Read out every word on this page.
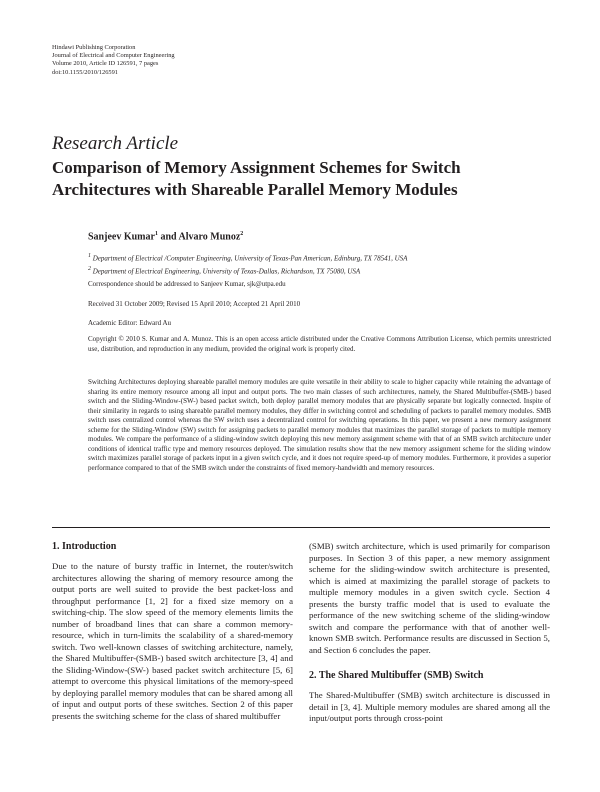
Hindawi Publishing Corporation
Journal of Electrical and Computer Engineering
Volume 2010, Article ID 126591, 7 pages
doi:10.1155/2010/126591
Research Article
Comparison of Memory Assignment Schemes for Switch Architectures with Shareable Parallel Memory Modules
Sanjeev Kumar$^1$ and Alvaro Munoz$^2$
$^1$ Department of Electrical /Computer Engineering, University of Texas-Pan American, Edinburg, TX 78541, USA
$^2$ Department of Electrical Engineering, University of Texas-Dallas, Richardson, TX 75080, USA
Correspondence should be addressed to Sanjeev Kumar, sjk@utpa.edu
Received 31 October 2009; Revised 15 April 2010; Accepted 21 April 2010
Academic Editor: Edward Au
Copyright © 2010 S. Kumar and A. Munoz. This is an open access article distributed under the Creative Commons Attribution License, which permits unrestricted use, distribution, and reproduction in any medium, provided the original work is properly cited.
Switching Architectures deploying shareable parallel memory modules are quite versatile in their ability to scale to higher capacity while retaining the advantage of sharing its entire memory resource among all input and output ports. The two main classes of such architectures, namely, the Shared Multibuffer-(SMB-) based switch and the Sliding-Window-(SW-) based packet switch, both deploy parallel memory modules that are physically separate but logically connected. Inspite of their similarity in regards to using shareable parallel memory modules, they differ in switching control and scheduling of packets to parallel memory modules. SMB switch uses centralized control whereas the SW switch uses a decentralized control for switching operations. In this paper, we present a new memory assignment scheme for the Sliding-Window (SW) switch for assigning packets to parallel memory modules that maximizes the parallel storage of packets to multiple memory modules. We compare the performance of a sliding-window switch deploying this new memory assignment scheme with that of an SMB switch architecture under conditions of identical traffic type and memory resources deployed. The simulation results show that the new memory assignment scheme for the sliding window switch maximizes parallel storage of packets input in a given switch cycle, and it does not require speed-up of memory modules. Furthermore, it provides a superior performance compared to that of the SMB switch under the constraints of fixed memory-handwidth and memory resources.
1. Introduction

Due to the nature of bursty traffic in Internet, the router/switch architectures allowing the sharing of memory resource among the output ports are well suited to provide the best packet-loss and throughput performance [1, 2] for a fixed size memory on a switching-chip. The slow speed of the memory elements limits the number of broadband lines that can share a common memory-resource, which in turn-limits the scalability of a shared-memory switch. Two well-known classes of switching architecture, namely, the Shared Multibuffer-(SMB-) based switch architecture [3, 4] and the Sliding-Window-(SW-) based packet switch architecture [5, 6] attempt to overcome this physical limitations of the memory-speed by deploying parallel memory modules that can be shared among all of input and output ports of these switches. Section 2 of this paper presents the switching scheme for the class of shared multibuffer

(SMB) switch architecture, which is used primarily for comparison purposes. In Section 3 of this paper, a new memory assignment scheme for the sliding-window switch architecture is presented, which is aimed at maximizing the parallel storage of packets to multiple memory modules in a given switch cycle. Section 4 presents the bursty traffic model that is used to evaluate the performance of the new switching scheme of the sliding-window switch and compare the performance with that of another well-known SMB switch. Performance results are discussed in Section 5, and Section 6 concludes the paper.

2. The Shared Multibuffer (SMB) Switch

The Shared-Multibuffer (SMB) switch architecture is discussed in detail in [3, 4]. Multiple memory modules are shared among all the input/output ports through cross-point
